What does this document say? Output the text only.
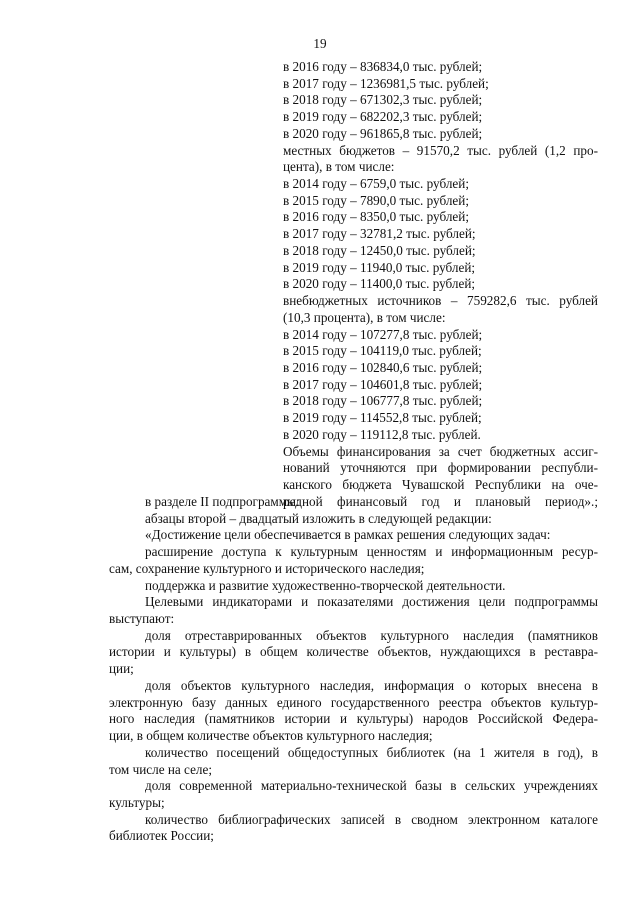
19
в 2016 году – 836834,0 тыс. рублей;
в 2017 году – 1236981,5 тыс. рублей;
в 2018 году – 671302,3 тыс. рублей;
в 2019 году – 682202,3 тыс. рублей;
в 2020 году – 961865,8 тыс. рублей;
местных бюджетов – 91570,2 тыс. рублей (1,2 про-
цента), в том числе:
в 2014 году – 6759,0 тыс. рублей;
в 2015 году – 7890,0 тыс. рублей;
в 2016 году – 8350,0 тыс. рублей;
в 2017 году – 32781,2 тыс. рублей;
в 2018 году – 12450,0 тыс. рублей;
в 2019 году – 11940,0 тыс. рублей;
в 2020 году – 11400,0 тыс. рублей;
внебюджетных источников – 759282,6 тыс. рублей
(10,3 процента), в том числе:
в 2014 году – 107277,8 тыс. рублей;
в 2015 году – 104119,0 тыс. рублей;
в 2016 году – 102840,6 тыс. рублей;
в 2017 году – 104601,8 тыс. рублей;
в 2018 году – 106777,8 тыс. рублей;
в 2019 году – 114552,8 тыс. рублей;
в 2020 году – 119112,8 тыс. рублей.
Объемы финансирования за счет бюджетных ассиг-
нований уточняются при формировании республи-
канского бюджета Чувашской Республики на оче-
редной финансовый год и плановый период».;
в разделе II подпрограммы:
абзацы второй – двадцатый изложить в следующей редакции:
«Достижение цели обеспечивается в рамках решения следующих задач:
расширение доступа к культурным ценностям и информационным ресур-
сам, сохранение культурного и исторического наследия;
поддержка и развитие художественно-творческой деятельности.
Целевыми индикаторами и показателями достижения цели подпрограммы
выступают:
доля отреставрированных объектов культурного наследия (памятников
истории и культуры) в общем количестве объектов, нуждающихся в реставра-
ции;
доля объектов культурного наследия, информация о которых внесена в
электронную базу данных единого государственного реестра объектов культур-
ного наследия (памятников истории и культуры) народов Российской Федера-
ции, в общем количестве объектов культурного наследия;
количество посещений общедоступных библиотек (на 1 жителя в год), в
том числе на селе;
доля современной материально-технической базы в сельских учреждениях
культуры;
количество библиографических записей в сводном электронном каталоге
библиотек России;
